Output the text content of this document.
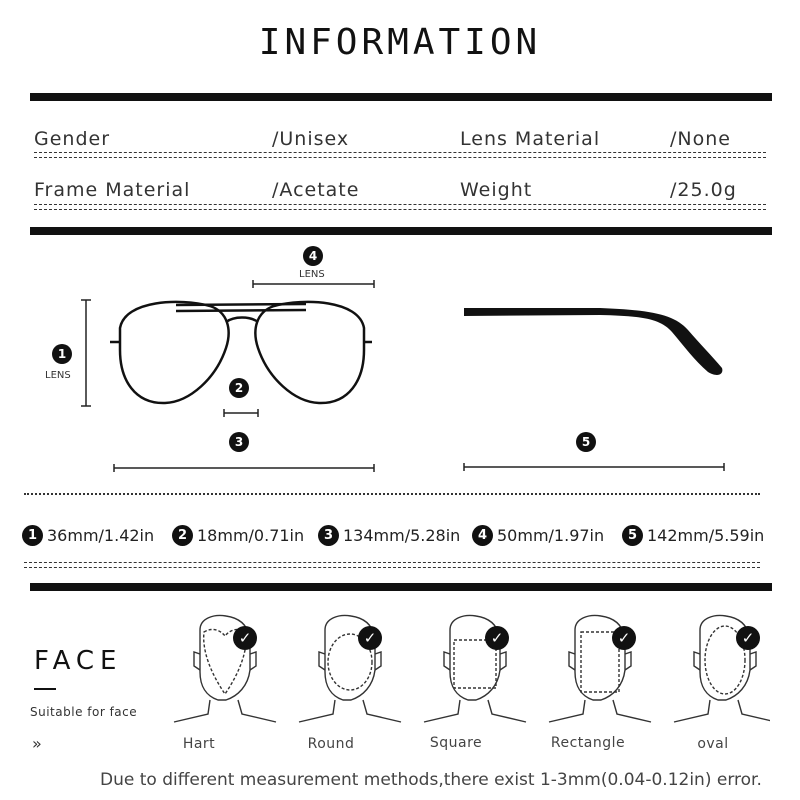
INFORMATION
Gender	/Unisex	Lens Material	/None
Frame Material	/Acetate	Weight	/25.0g
4
LENS
1
LENS
2
3	5
1 36mm/1.42in	2 18mm/0.71in	3 134mm/5.28in	4 50mm/1.97in	5 142mm/5.59in
FACE
Suitable for face
»
✓	✓	✓	✓	✓
Hart	Round	Square	Rectangle	oval
Due to different measurement methods,there exist 1-3mm(0.04-0.12in) error.
